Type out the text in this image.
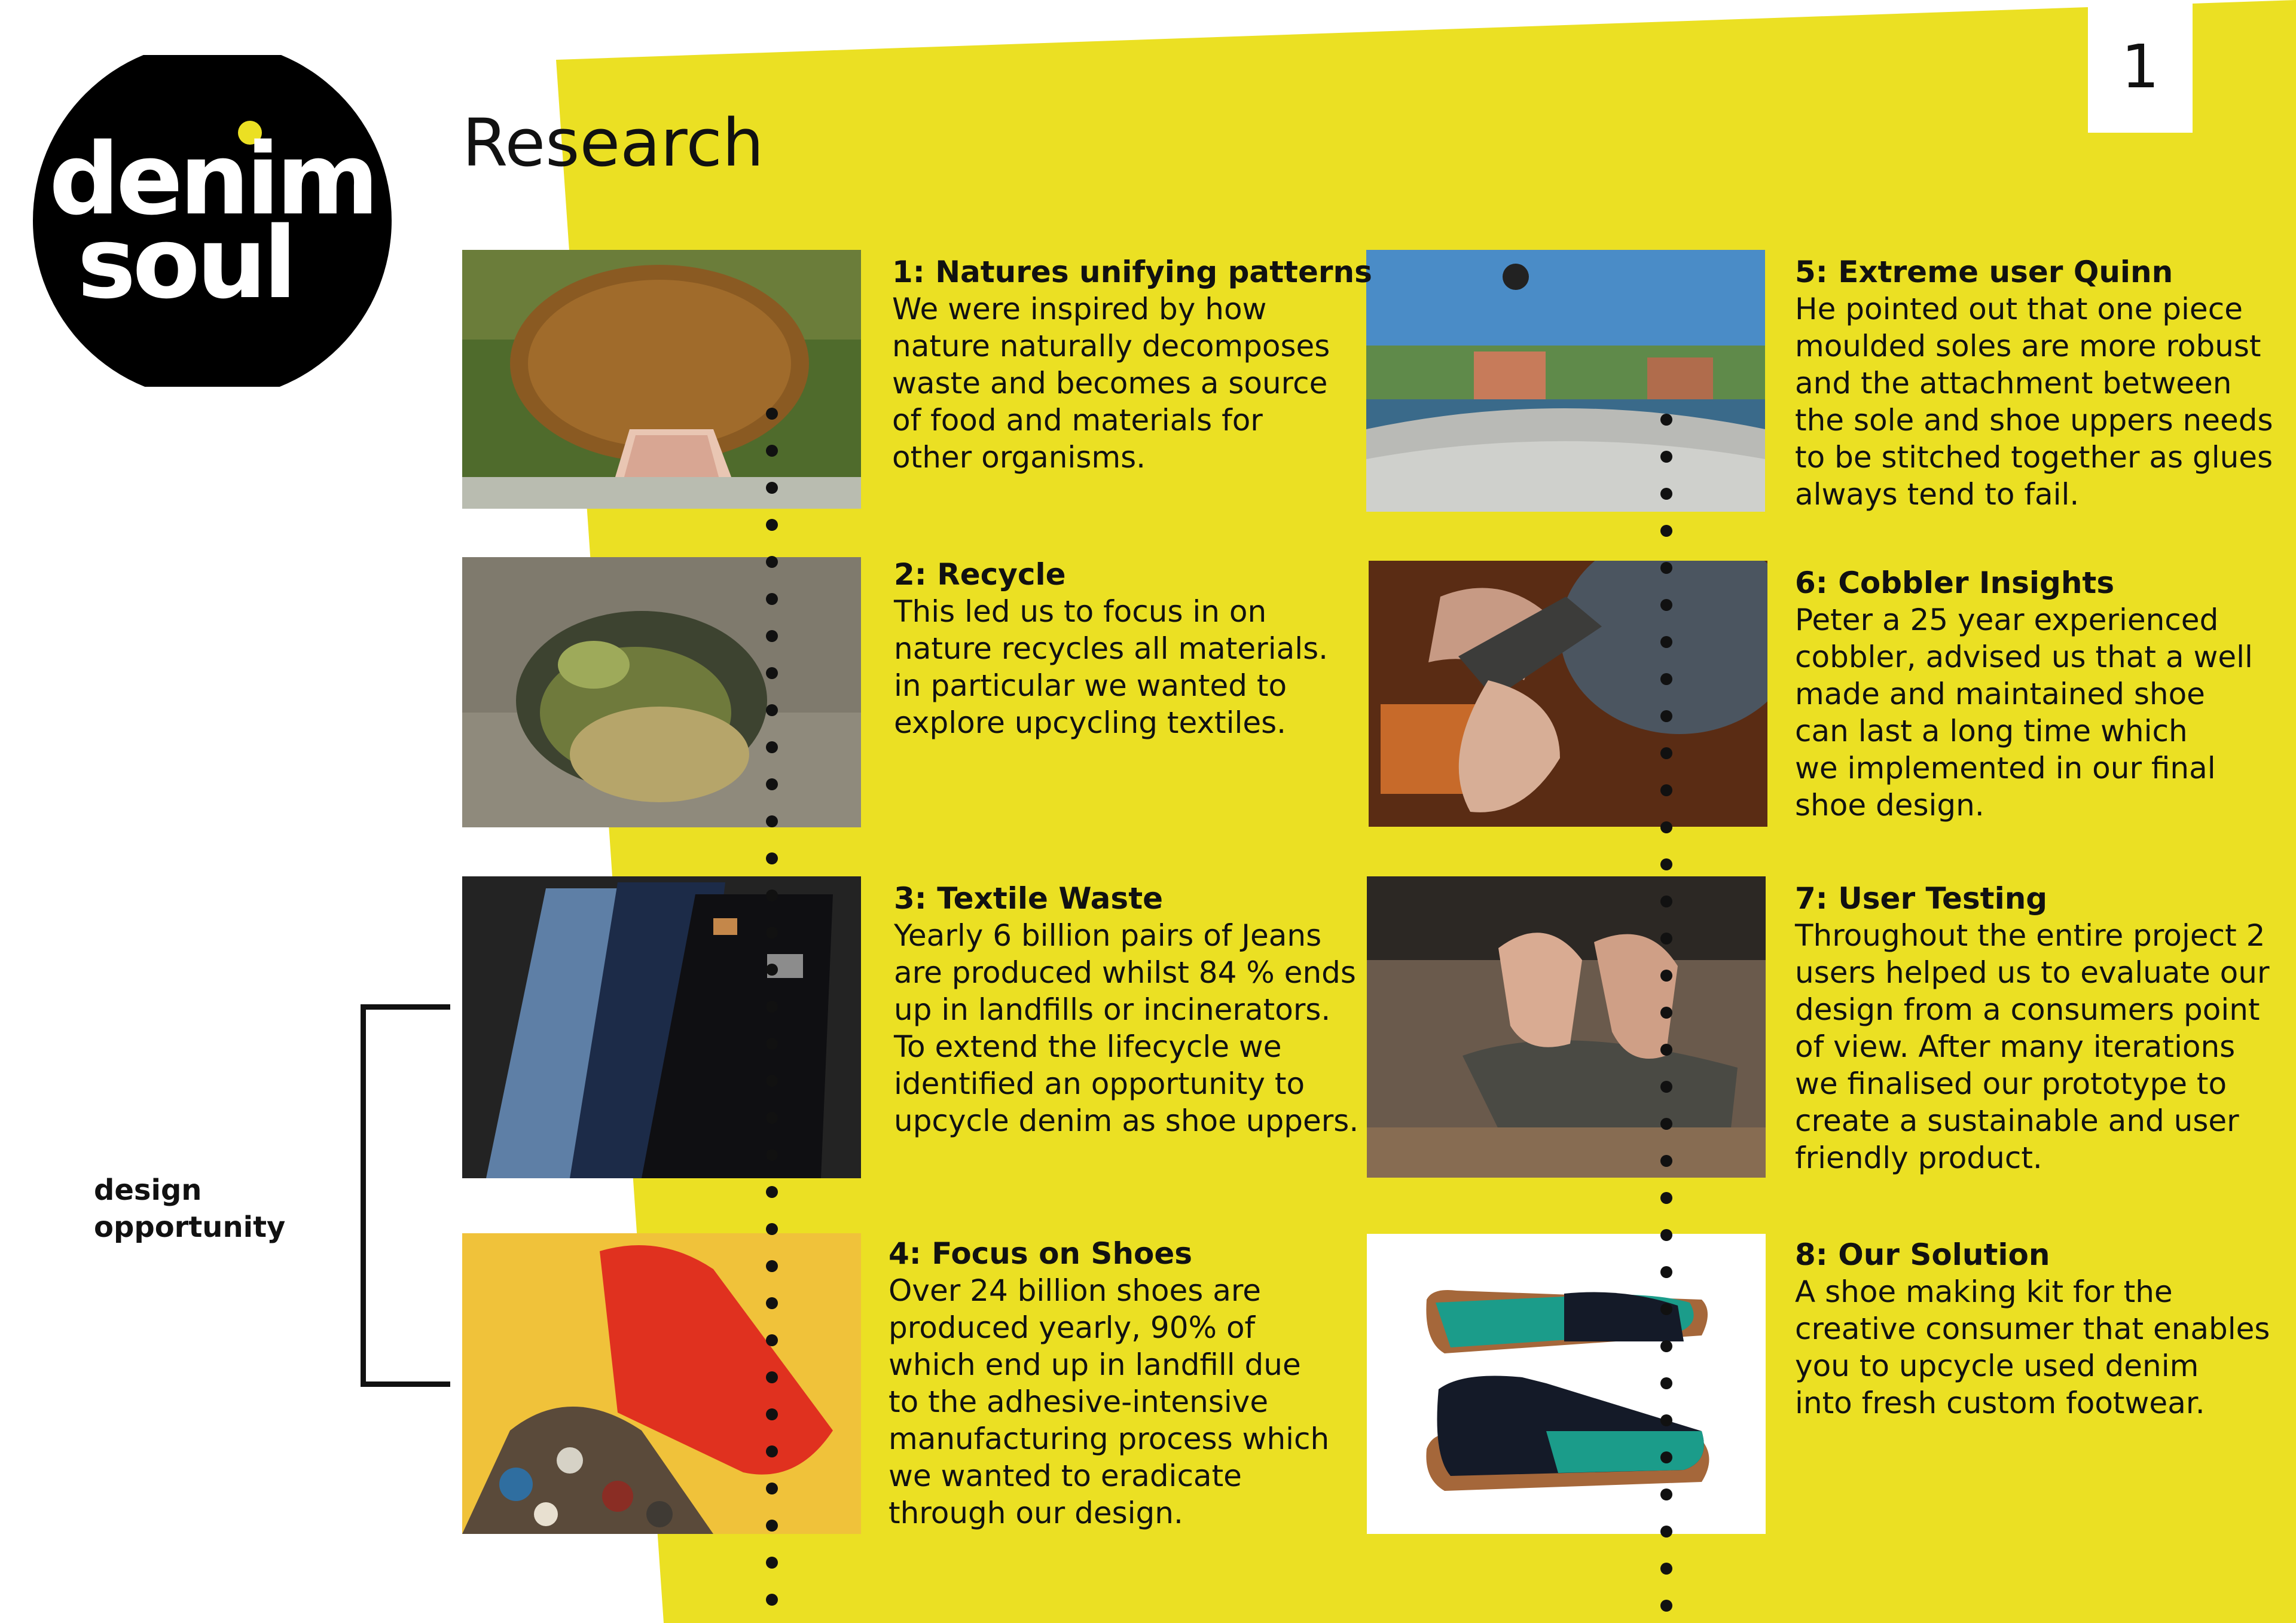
denim
soul
Research
1
1: Natures unifying patterns

We were inspired by how
nature naturally decomposes
waste and becomes a source
of food and materials for
other organisms.

2: Recycle

This led us to focus in on
nature recycles all materials.
in particular we wanted to
explore upcycling textiles.

3: Textile Waste

Yearly 6 billion pairs of Jeans
are produced whilst 84 % ends
up in landfills or incinerators.
To extend the lifecycle we
identified an opportunity to
upcycle denim as shoe uppers.

4: Focus on Shoes

Over 24 billion shoes are
produced yearly, 90% of
which end up in landfill due
to the adhesive-intensive
manufacturing process which
we wanted to eradicate
through our design.

5: Extreme user Quinn

He pointed out that one piece
moulded soles are more robust
and the attachment between
the sole and shoe uppers needs
to be stitched together as glues
always tend to fail.

6: Cobbler Insights

Peter a 25 year experienced
cobbler, advised us that a well
made and maintained shoe
can last a long time which
we implemented in our final
shoe design.

7: User Testing

Throughout the entire project 2
users helped us to evaluate our
design from a consumers point
of view. After many iterations
we finalised our prototype to
create a sustainable and user
friendly product.

8: Our Solution

A shoe making kit for the
creative consumer that enables
you to upcycle used denim
into fresh custom footwear.

design
opportunity
